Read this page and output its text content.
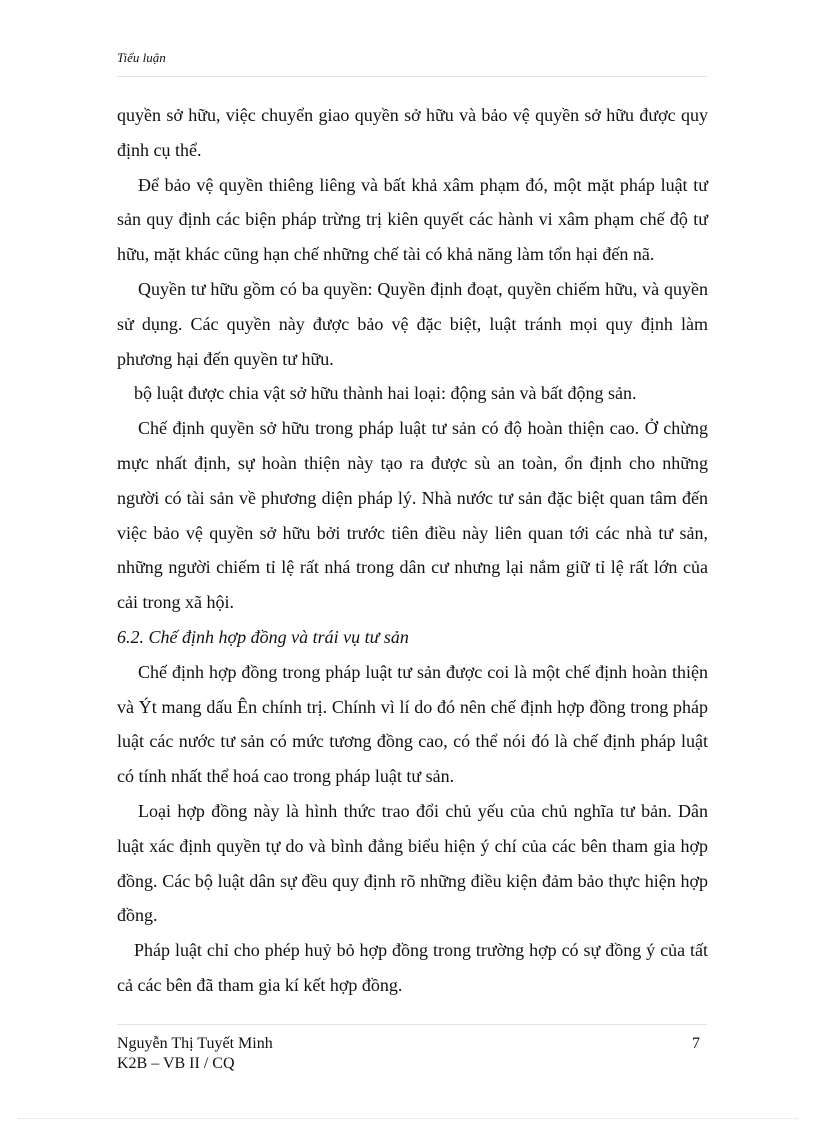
Tiểu luận

quyền sở hữu, việc chuyển giao quyền sở hữu và bảo vệ quyền sở hữu được quy định cụ thể.

Để bảo vệ quyền thiêng liêng và bất khả xâm phạm đó, một mặt pháp luật tư sản quy định các biện pháp trừng trị kiên quyết các hành vi xâm phạm chế độ tư hữu, mặt khác cũng hạn chế những chế tài có khả năng làm tổn hại đến nã.

Quyền tư hữu gồm có ba quyền: Quyền định đoạt, quyền chiếm hữu, và quyền sử dụng. Các quyền này được bảo vệ đặc biệt, luật tránh mọi quy định làm phương hại đến quyền tư hữu.

bộ luật được chia vật sở hữu thành hai loại: động sản và bất động sản.

Chế định quyền sở hữu trong pháp luật tư sản có độ hoàn thiện cao. Ở chừng mực nhất định, sự hoàn thiện này tạo ra được sù an toàn, ổn định cho những người có tài sản về phương diện pháp lý. Nhà nước tư sản đặc biệt quan tâm đến việc bảo vệ quyền sở hữu bởi trước tiên điều này liên quan tới các nhà tư sản, những người chiếm tỉ lệ rất nhá trong dân cư nhưng lại nắm giữ tỉ lệ rất lớn của cải trong xã hội.

6.2. Chế định hợp đồng và trái vụ tư sản

Chế định hợp đồng trong pháp luật tư sản được coi là một chế định hoàn thiện và Ýt mang dấu Ên chính trị. Chính vì lí do đó nên chế định hợp đồng trong pháp luật các nước tư sản có mức tương đồng cao, có thể nói đó là chế định pháp luật có tính nhất thể hoá cao trong pháp luật tư sản.

Loại hợp đồng này là hình thức trao đổi chủ yếu của chủ nghĩa tư bản. Dân luật xác định quyền tự do và bình đẳng biểu hiện ý chí của các bên tham gia hợp đồng. Các bộ luật dân sự đều quy định rõ những điều kiện đảm bảo thực hiện hợp đồng.

Pháp luật chỉ cho phép huỷ bỏ hợp đồng trong trường hợp có sự đồng ý của tất cả các bên đã tham gia kí kết hợp đồng.

Nguyễn Thị Tuyết Minh
K2B – VB II / CQ
7
